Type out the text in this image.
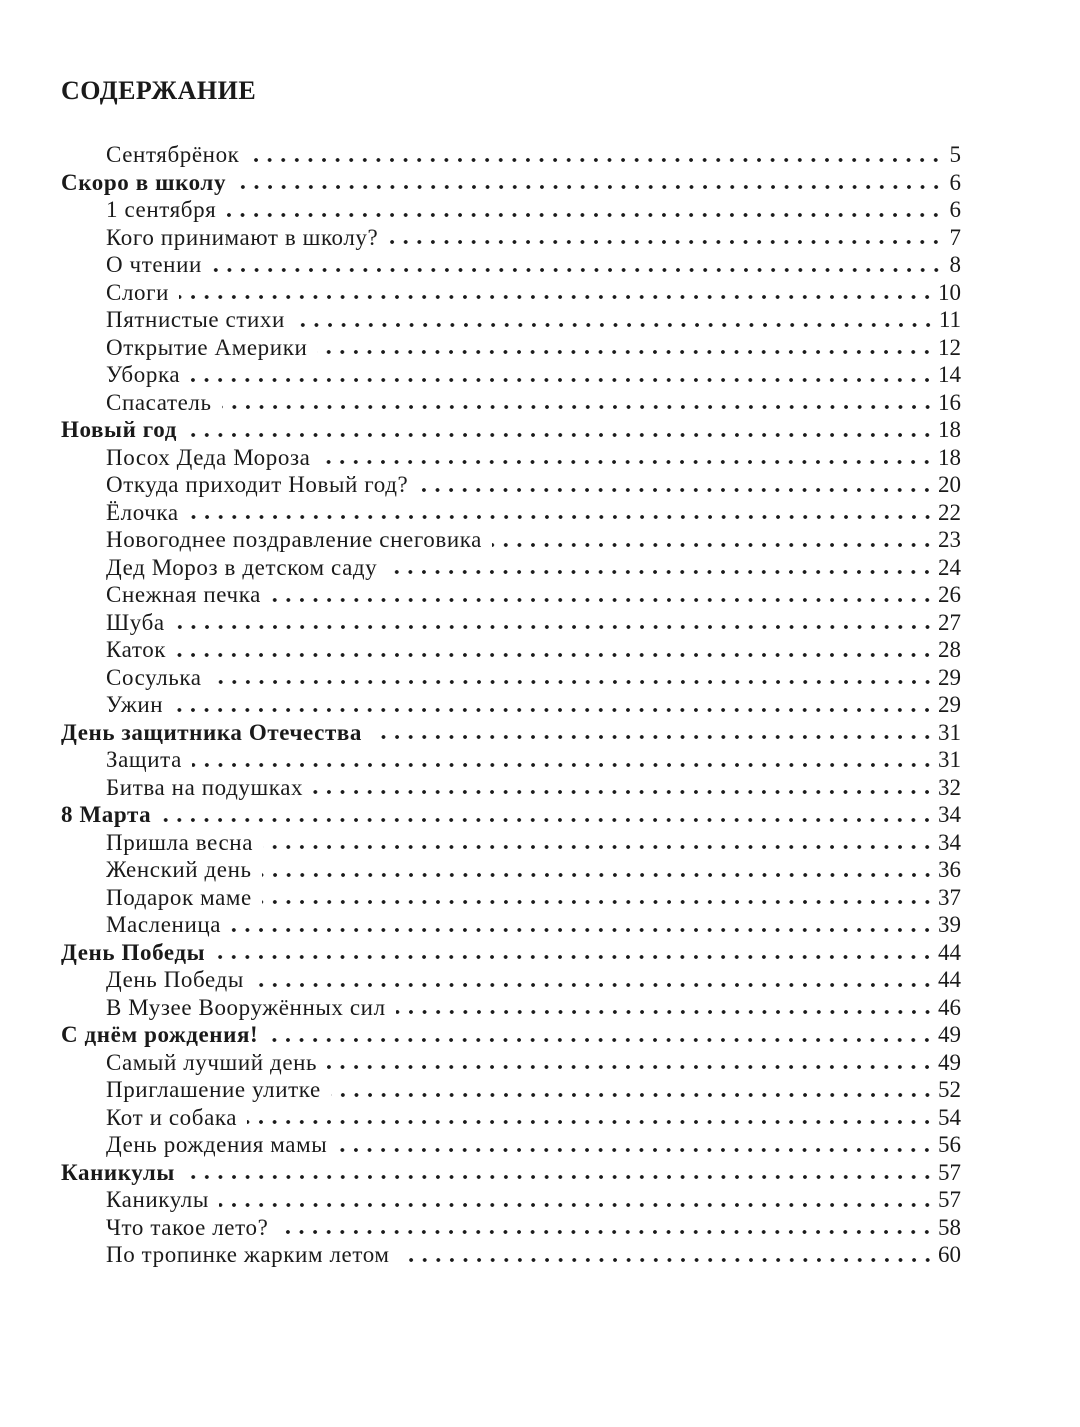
СОДЕРЖАНИЕ
Сентябрёнок	5
Скоро в школу	6
1 сентября	6
Кого принимают в школу?	7
О чтении	8
Слоги	10
Пятнистые стихи	11
Открытие Америки	12
Уборка	14
Спасатель	16
Новый год	18
Посох Деда Мороза	18
Откуда приходит Новый год?	20
Ёлочка	22
Новогоднее поздравление снеговика	23
Дед Мороз в детском саду	24
Снежная печка	26
Шуба	27
Каток	28
Сосулька	29
Ужин	29
День защитника Отечества	31
Защита	31
Битва на подушках	32
8 Марта	34
Пришла весна	34
Женский день	36
Подарок маме	37
Масленица	39
День Победы	44
День Победы	44
В Музее Вооружённых сил	46
С днём рождения!	49
Самый лучший день	49
Приглашение улитке	52
Кот и собака	54
День рождения мамы	56
Каникулы	57
Каникулы	57
Что такое лето?	58
По тропинке жарким летом	60
